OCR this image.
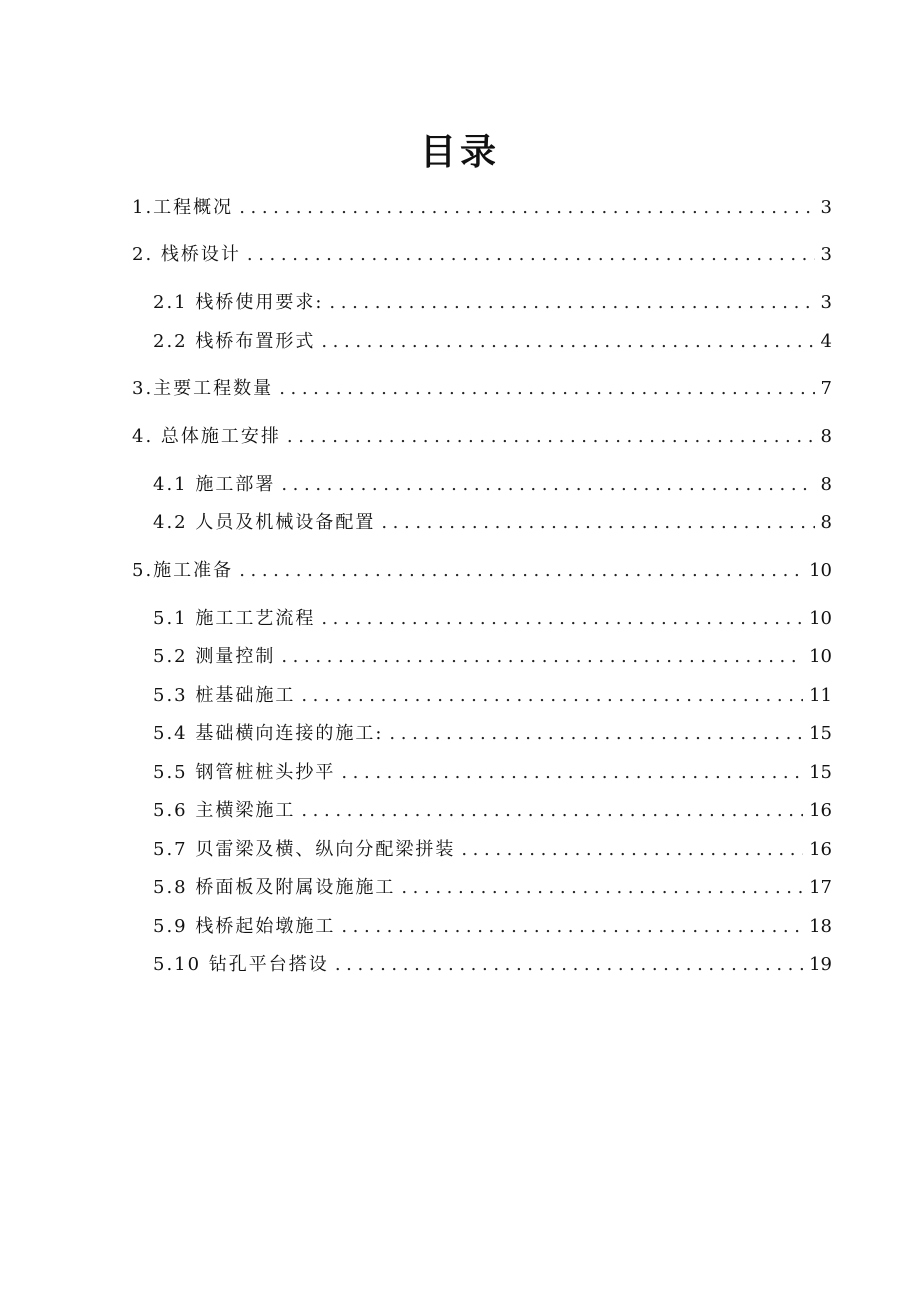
目录
1.工程概况 .....	3
2. 栈桥设计 .....	3
2.1 栈桥使用要求: .....	3
2.2 栈桥布置形式 .....	4
3.主要工程数量 .....	7
4. 总体施工安排 .....	8
4.1 施工部署 .....	8
4.2 人员及机械设备配置 .....	8
5.施工准备 .....	10
5.1 施工工艺流程 .....	10
5.2 测量控制 .....	10
5.3 桩基础施工 .....	11
5.4 基础横向连接的施工: .....	15
5.5 钢管桩桩头抄平 .....	15
5.6 主横梁施工 .....	16
5.7 贝雷梁及横、纵向分配梁拼装 .....	16
5.8 桥面板及附属设施施工 .....	17
5.9 栈桥起始墩施工 .....	18
5.10 钻孔平台搭设 .....	19
